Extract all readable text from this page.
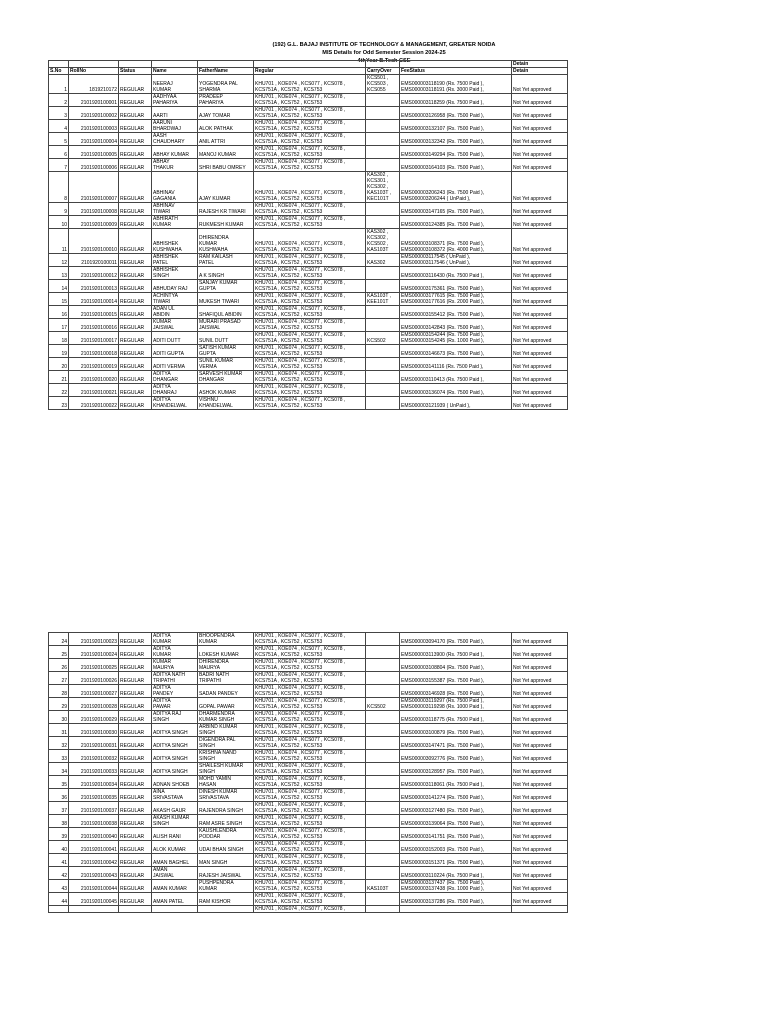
(192) G.L. BAJAJ INSTITUTE OF TECHNOLOGY & MANAGEMENT, GREATER NOIDA
MIS Details for Odd Semester Session 2024-25
4thYear B.Tech CSE
									Detain
S.No	RollNo	Status	Name	FatherName	Regular	CarryOver	FeeStatus	Detain
1	1819210172	REGULAR	NEERAJ
KUMAR	YOGENDRA PAL
SHARMA	KHU701 , KOE074 , KCS077 , KCS078 ,
KCS751A , KCS752 , KCS753	KCS501 ,
KCS503 ,
KCS055	EMS000003118190 (Rs. 7500 Paid ),
EMS000003118191 (Rs. 3000 Paid ),	Not Yet approved
2	2101920100001	REGULAR	AADHYAA
PAHARIYA	PRADEEP
PAHARIYA	KHU701 , KOE074 , KCS077 , KCS078 ,
KCS751A , KCS752 , KCS753		EMS000003118259 (Rs. 7500 Paid ),	Not Yet approved
3	2101920100002	REGULAR	AARTI	AJAY TOMAR	KHU701 , KOE074 , KCS077 , KCS078 ,
KCS751A , KCS752 , KCS753		EMS000003126958 (Rs. 7500 Paid ),	Not Yet approved
4	2101920100003	REGULAR	AARUNI
BHARDWAJ	ALOK PATHAK	KHU701 , KOE074 , KCS077 , KCS078 ,
KCS751A , KCS752 , KCS753		EMS000003132107 (Rs. 7500 Paid ),	Not Yet approved
5	2101920100004	REGULAR	AASH
CHAUDHARY	ANIL ATTRI	KHU701 , KOE074 , KCS077 , KCS078 ,
KCS751A , KCS752 , KCS753		EMS000003132342 (Rs. 7500 Paid ),	Not Yet approved
6	2101920100005	REGULAR	ABHAY KUMAR	MANOJ KUMAR	KHU701 , KOE074 , KCS077 , KCS078 ,
KCS751A , KCS752 , KCS753		EMS000003149294 (Rs. 7500 Paid ),	Not Yet approved
7	2101920100006	REGULAR	ABHAY
THAKUR	SHRI BABU OMREY	KHU701 , KOE074 , KCS077 , KCS078 ,
KCS751A , KCS752 , KCS753		EMS000003164103 (Rs. 7500 Paid ),	Not Yet approved
8	2101920100007	REGULAR	ABHINAV
GAGANIA	AJAY KUMAR	KHU701 , KOE074 , KCS077 , KCS078 ,
KCS751A , KCS752 , KCS753	KAS302 ,
KCS301 ,
KCS302 ,
KAS103T ,
KEC101T	EMS000003206243 (Rs. 7500 Paid ),
EMS000003206244 ( UnPaid ),	Not Yet approved
9	2101920100008	REGULAR	ABHINAV
TIWARI	RAJESH KR TIWARI	KHU701 , KOE074 , KCS077 , KCS078 ,
KCS751A , KCS752 , KCS753		EMS000003147165 (Rs. 7500 Paid ),	Not Yet approved
10	2101920100009	REGULAR	ABHIRATH
KUMAR	RUKMESH KUMAR	KHU701 , KOE074 , KCS077 , KCS078 ,
KCS751A , KCS752 , KCS753		EMS000003124385 (Rs. 7500 Paid ),	Not Yet approved
11	2101920100010	REGULAR	ABHISHEK
KUSHWAHA	DHIRENDRA
KUMAR
KUSHWAHA	KHU701 , KOE074 , KCS077 , KCS078 ,
KCS751A , KCS752 , KCS753	KAS302 ,
KCS302 ,
KCS502 ,
KAS103T	EMS000003108371 (Rs. 7500 Paid ),
EMS000003108372 (Rs. 4000 Paid ),	Not Yet approved
12	2101920100011	REGULAR	ABHISHEK
PATEL	RAM KAILASH
PATEL	KHU701 , KOE074 , KCS077 , KCS078 ,
KCS751A , KCS752 , KCS753	KAS302	EMS000003117545 ( UnPaid ),
EMS000003117546 ( UnPaid ),	Not Yet approved
13	2101920100012	REGULAR	ABHISHEK
SINGH	A K SINGH	KHU701 , KOE074 , KCS077 , KCS078 ,
KCS751A , KCS752 , KCS753		EMS000003116430 (Rs. 7500 Paid ),	Not Yet approved
14	2101920100013	REGULAR	ABHUDAY RAJ	SANJAY KUMAR
GUPTA	KHU701 , KOE074 , KCS077 , KCS078 ,
KCS751A , KCS752 , KCS753		EMS000003175361 (Rs. 7500 Paid ),	Not Yet approved
15	2101920100014	REGULAR	ACHINTYA
TIWARI	MUKESH TIWARI	KHU701 , KOE074 , KCS077 , KCS078 ,
KCS751A , KCS752 , KCS753	KAS103T ,
KEE101T	EMS000003177615 (Rs. 7500 Paid ),
EMS000003177616 (Rs. 2000 Paid ),	Not Yet approved
16	2101920100015	REGULAR	ADAN UL
ABIDIN	SHAFIQUL ABIDIN	KHU701 , KOE074 , KCS077 , KCS078 ,
KCS751A , KCS752 , KCS753		EMS000003155412 (Rs. 7500 Paid ),	Not Yet approved
17	2101920100016	REGULAR	KUMAR
JAISWAL	MURARI PRASAD
JAISWAL	KHU701 , KOE074 , KCS077 , KCS078 ,
KCS751A , KCS752 , KCS753		EMS000003142843 (Rs. 7500 Paid ),	Not Yet approved
18	2101920100017	REGULAR	ADITI DUTT	SUNIL DUTT	KHU701 , KOE074 , KCS077 , KCS078 ,
KCS751A , KCS752 , KCS753	KCS502	EMS000003154244 (Rs. 7500 Paid ),
EMS000003154245 (Rs. 1000 Paid ),	Not Yet approved
19	2101920100018	REGULAR	ADITI GUPTA	SATISH KUMAR
GUPTA	KHU701 , KOE074 , KCS077 , KCS078 ,
KCS751A , KCS752 , KCS753		EMS000003146673 (Rs. 7500 Paid ),	Not Yet approved
20	2101920100019	REGULAR	ADITI VERMA	SUNIL KUMAR
VERMA	KHU701 , KOE074 , KCS077 , KCS078 ,
KCS751A , KCS752 , KCS753		EMS000003141116 (Rs. 7500 Paid ),	Not Yet approved
21	2101920100020	REGULAR	ADITYA
DHANGAR	SARVESH KUMAR
DHANGAR	KHU701 , KOE074 , KCS077 , KCS078 ,
KCS751A , KCS752 , KCS753		EMS000003110413 (Rs. 7500 Paid ),	Not Yet approved
22	2101920100021	REGULAR	ADITYA
DHANRAJ	ASHOK KUMAR	KHU701 , KOE074 , KCS077 , KCS078 ,
KCS751A , KCS752 , KCS753		EMS000003136074 (Rs. 7500 Paid ),	Not Yet approved
23	2101920100022	REGULAR	ADITYA
KHANDELWAL	VISHNU
KHANDELWAL	KHU701 , KOE074 , KCS077 , KCS078 ,
KCS751A , KCS752 , KCS753		EMS000003121939 ( UnPaid ),	Not Yet approved
24	2101920100023	REGULAR	ADITYA
KUMAR	BHOOPENDRA
KUMAR	KHU701 , KOE074 , KCS077 , KCS078 ,
KCS751A , KCS752 , KCS753		EMS000003094170 (Rs. 7500 Paid ),	Not Yet approved
25	2101920100024	REGULAR	ADITYA
KUMAR	LOKESH KUMAR	KHU701 , KOE074 , KCS077 , KCS078 ,
KCS751A , KCS752 , KCS753		EMS000003113900 (Rs. 7500 Paid ),	Not Yet approved
26	2101920100025	REGULAR	KUMAR
MAURYA	DHIRENDRA
MAURYA	KHU701 , KOE074 , KCS077 , KCS078 ,
KCS751A , KCS752 , KCS753		EMS000003108804 (Rs. 7500 Paid ),	Not Yet approved
27	2101920100026	REGULAR	ADITYA NATH
TRIPATHI	BADRI NATH
TRIPATHI	KHU701 , KOE074 , KCS077 , KCS078 ,
KCS751A , KCS752 , KCS753		EMS000003155387 (Rs. 7500 Paid ),	Not Yet approved
28	2101920100027	REGULAR	ADITYA
PANDEY	SADAN PANDEY	KHU701 , KOE074 , KCS077 , KCS078 ,
KCS751A , KCS752 , KCS753		EMS000003146928 (Rs. 7500 Paid ),	Not Yet approved
29	2101920100028	REGULAR	ADITYA
PAWAR	GOPAL PAWAR	KHU701 , KOE074 , KCS077 , KCS078 ,
KCS751A , KCS752 , KCS753	KCS502	EMS000003119297 (Rs. 7500 Paid ),
EMS000003119298 (Rs. 1000 Paid ),	Not Yet approved
30	2101920100029	REGULAR	ADITYA RAJ
SINGH	DHARMENDRA
KUMAR SINGH	KHU701 , KOE074 , KCS077 , KCS078 ,
KCS751A , KCS752 , KCS753		EMS000003118775 (Rs. 7500 Paid ),	Not Yet approved
31	2101920100030	REGULAR	ADITYA SINGH	ARBIND KUMAR
SINGH	KHU701 , KOE074 , KCS077 , KCS078 ,
KCS751A , KCS752 , KCS753		EMS000003100879 (Rs. 7500 Paid ),	Not Yet approved
32	2101920100031	REGULAR	ADITYA SINGH	DIGENDRA PAL
SINGH	KHU701 , KOE074 , KCS077 , KCS078 ,
KCS751A , KCS752 , KCS753		EMS000003147471 (Rs. 7500 Paid ),	Not Yet approved
33	2101920100032	REGULAR	ADITYA SINGH	KRISHNA NAND
SINGH	KHU701 , KOE074 , KCS077 , KCS078 ,
KCS751A , KCS752 , KCS753		EMS000003092776 (Rs. 7500 Paid ),	Not Yet approved
34	2101920100033	REGULAR	ADITYA SINGH	SHAILESH KUMAR
SINGH	KHU701 , KOE074 , KCS077 , KCS078 ,
KCS751A , KCS752 , KCS753		EMS000003128957 (Rs. 7500 Paid ),	Not Yet approved
35	2101920100034	REGULAR	ADNAN SHOEB	MOHD YAMIN
HASAN	KHU701 , KOE074 , KCS077 , KCS078 ,
KCS751A , KCS752 , KCS753		EMS000003118061 (Rs. 7500 Paid ),	Not Yet approved
36	2101920100035	REGULAR	AINA
SRIVASTAVA	DINESH KUMAR
SRIVASTAVA	KHU701 , KOE074 , KCS077 , KCS078 ,
KCS751A , KCS752 , KCS753		EMS000003141274 (Rs. 7500 Paid ),	Not Yet approved
37	2101920100037	REGULAR	AKASH GAUR	RAJENDRA SINGH	KHU701 , KOE074 , KCS077 , KCS078 ,
KCS751A , KCS752 , KCS753		EMS000003127480 (Rs. 7500 Paid ),	Not Yet approved
38	2101920100038	REGULAR	AKASH KUMAR
SINGH	RAM ASRE SINGH	KHU701 , KOE074 , KCS077 , KCS078 ,
KCS751A , KCS752 , KCS753		EMS000003139064 (Rs. 7500 Paid ),	Not Yet approved
39	2101920100040	REGULAR	ALISH RANI	KAUSHLENDRA
PODDAR	KHU701 , KOE074 , KCS077 , KCS078 ,
KCS751A , KCS752 , KCS753		EMS000003141751 (Rs. 7500 Paid ),	Not Yet approved
40	2101920100041	REGULAR	ALOK KUMAR	UDAI BHAN SINGH	KHU701 , KOE074 , KCS077 , KCS078 ,
KCS751A , KCS752 , KCS753		EMS000003152003 (Rs. 7500 Paid ),	Not Yet approved
41	2101920100042	REGULAR	AMAN BAGHEL	MAN SINGH	KHU701 , KOE074 , KCS077 , KCS078 ,
KCS751A , KCS752 , KCS753		EMS000003151371 (Rs. 7500 Paid ),	Not Yet approved
42	2101920100043	REGULAR	AMAN
JAISWAL	RAJESH JAISWAL	KHU701 , KOE074 , KCS077 , KCS078 ,
KCS751A , KCS752 , KCS753		EMS000003110224 (Rs. 7500 Paid ),	Not Yet approved
43	2101920100044	REGULAR	AMAN KUMAR	PUSHPENDRA
KUMAR	KHU701 , KOE074 , KCS077 , KCS078 ,
KCS751A , KCS752 , KCS753	KAS103T	EMS000003137437 (Rs. 7500 Paid ),
EMS000003137438 (Rs. 1000 Paid ),	Not Yet approved
44	2101920100045	REGULAR	AMAN PATEL	RAM KISHOR	KHU701 , KOE074 , KCS077 , KCS078 ,
KCS751A , KCS752 , KCS753		EMS000003137286 (Rs. 7500 Paid ),	Not Yet approved
					KHU701 , KOE074 , KCS077 , KCS078 ,			
